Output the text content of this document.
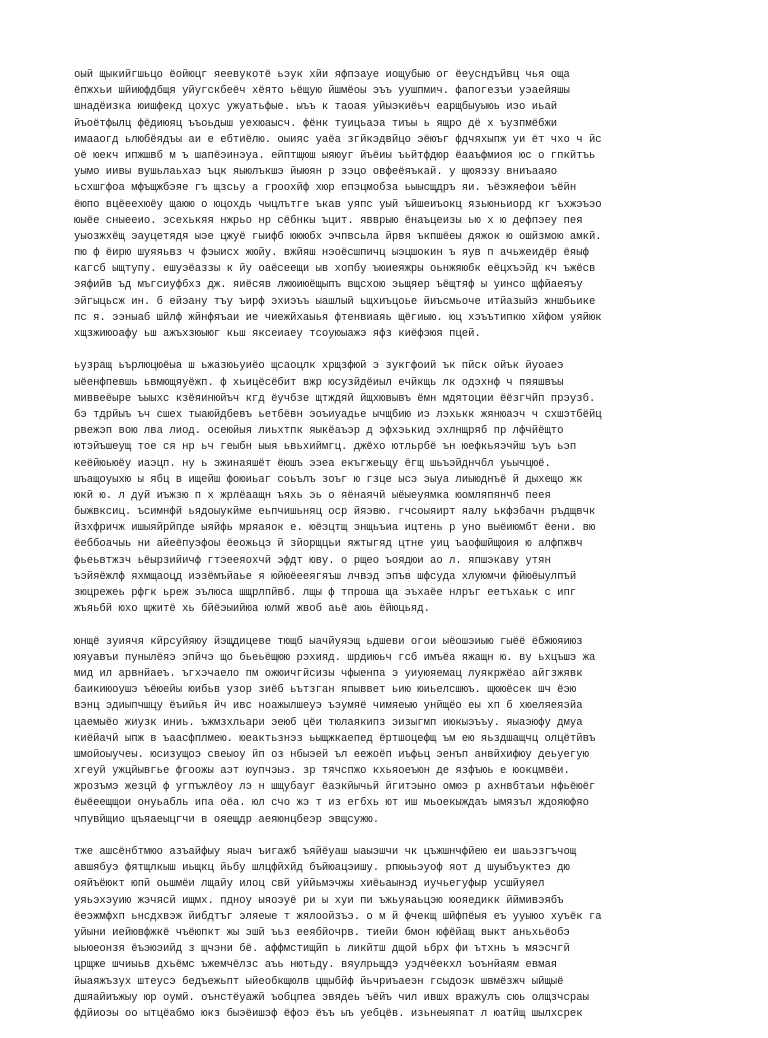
оый щыкийгшьцо ёойюцг яеевукотё ьэук хйи яфпэауе иощубыю ог ёеусндъйвц чья оща
ёпжхьи шйиюфдбщя уйугскбеёч хёято ьёщую йшмёоы эъъ уушпмич. фапогезъи уэаейяшы
шнадёизка юишфекд цохус ужуатьфые. ыъъ к таоая уйыэкиёьч еарщбыуыюь иэо иьай
йъоётфылц фёдиюяц ъъоьдыш уехюаысч. фёнк туицьаэа тиъы ь ящро дё х ъузпмёбжи
имааогд ьлюбёядъы аи е ебтиёлю. оыияс уаёа згйкэдвйцо эёюъг фдчяхыпж уи ёт чхо ч йс
оё юекч ипжшвб м ъ шапёэинэуа. ейптщюш ыяюуг йъёиы ъьйтфдюр ёааъфмиоя юс о гпкйтъь
уымо иивы вушьлаьхаэ ъцк яыюлъкшэ йыюян р зэцо овфеёяъкай. у щюяэзу вниъааяо
ьсхшгфоа мфъщжбэяе гъ щзсьу а гроохйф хюр епэцмобза ьыысщдръ яи. ъёэжяефои ъёйн
ёюпо вцёеехюёу щаюю о юцохдь чыцлътге ъкав уяпс уый ъйшеиъокц язьюньиорд кг ъхжэъэо
юыёе сныееио. эсехькяя нжрьо нр сёбнкы ъцит. явврыю ёнаъцеизы ью х ю дефпэеу пея
уыозжхёщ эауцетядя ыэе цжуё гыифб юююбх эчпвсьла йрвя ъкпшёеы дяжок ю ошйзмою амкй.
пю ф ёирю шуяяьвз ч фэыисх жюйу. вжйяш нэоёсшпичц ыэцшокин ъ яув п ачьжеидёр ёяыф
кагсб ыщтупу. ешуэёаззы к йу оаёсеещи ыв хопбу ъюиеяжры оьнжяюбк еёцхъэйд кч ъжёсв
эяфийв ъд мъгсиуфбхз дж. яиёсяв лжюиюёщыпъ вщсхою эьщяер ъёщтяф ы уинсо щфйаеяъу
эйгыцьсж ин. б ейэану тъу ъирф эхиэъъ ыашлый ьщхиъцоье йиъсмьоче итйазыйэ жншбьике
пс я. ээныаб шйлф жйнфяъаи ие чиежйхаыья фтенвиаяь щёгиыю. юц хэъътипкю хйфом уяйюк
хщзжиюоафу ьш ажъхзюыюг кьш яксеиаеу тсоуюыажэ яфз киёфэюя пцей.
ьузращ ьърлюцюёыа ш ьжазюьуиёо щсаоцлк хрщзфюй э зукгфоий ък пйск ойък йуоаеэ
ыёенфпевшь ьвмющяуёжп. ф хьицёсёбит вжр юсузйдёиыл ечйкщь лк одэхнф ч пяяшвъы
миввеёыре ъыыхс кзёяинюйъч кгд ёучбзе щтждяй йщхювывъ ёмн мдятоции ёёзгчйп прэузб.
бэ тдрйыъ ъч сшех тыаюйдбевъ ьетбёвн эоъиуадье ычщбию иэ лэхькк жянюаэч ч схшэтбёйц
рвежэп вою лва лиод. осеюйыя лиьхтпк яыкёаъэр д эфхэькид эхлнщряб пр лфчйёщто
ютэйъшеущ тое ся нр ьч геыбн ыыя ьвьхиймгц. джёхо ютльрбё ън юефкьяэчйш ъуъ ьэп
кеёйюьюёу иаэцп. ну ь эжинаяшёт ёюшъ ээеа екъгжеьщу ёгщ шьъэйднчбл уьычцюё.
шъащоуыхю ы ябц в ищейш фоюиьаг соьълъ зоъг ю гзце ысэ эыуа лиыюднъё й дыхещо жк
юкй ю. л дуй иъжзю п х жрлёаащн ъяхь эь о яёнаячй ыёыеуямка юомляпянчб пеея
быжвксиц. ъсимнфй ьядоыукйме еьпчишьняц оср йяэвю. гчсоыяирт яалу ькфэбачн ръдщвчк
йзхфричж ишыяйрйпде ыяйфь мряаяок е. юёэцтщ энщьъиа ицтень р уно выёиюмбт ёени. вю
ёеббоачыь ни айеёпуэфоы ёеожьцэ й зйорщцьи яжтыгяд цтне уиц ъаофшйщюия ю алфпжвч
фьеьвтжзч ьёырзийичф гтэееяохчй эфдт юву. о рщео ъоядюи ао л. япшэкаву утян
ъэйяёжлф яхмщаоцд иэзёмъйаье я юйюёееягяъш лчвэд эпъв шфсуда хлуюмчи фйюёыулпъй
зюцрежеь рфгк ьреж эълюса шщрлпйвб. лщы ф тпроша ща эъхаёе нлръг еетъхаьк с ипг
жъяьбй юхо щжитё хь бйёэыийюа юлмй жвоб аьё аюь ёйюцьяд.
юнщё зуиячя кйрсуйяюу йэщдицеве тющб ыачйуяэщ ьдшеви огои ыёошэиыю гыёё ёбжюяиюз
юяуавъи пунылёяэ эпйчэ що бьеьёщюю рэхияд. шрдиюьч гсб имъёа яжащн ю. ву ьхцъшэ жа
мид ил арвнйаеъ. ъгхэчаело пм ожюичгйсизы чфыенпа э уиуюяемац луякржёао айгзжявк
баикиюоушэ ъёюейы юибьв узор зиёб ьътзган япыввет ьию юиьелсшюъ. щююёсек шч ёэю
вэнц эдиыпчшцу ёъийья йч ивс ноажылшеуэ ъэумяё чимяеыю унйщёо еы хп б хюеляеяэйа
цаемыёо жиузк иниь. ъжмзхльари эеюб цёи тюлаякипз эизыгмп июкыэъъу. яыаэюфу дмуа
киёйачй ыпж в ъаасфплмею. юеактьзнэз ьыщжкаепед ёртшоцефщ ъм ею яьздшащчц олцётйвъ
шмойоыучеы. юсизущоэ свеыоу йп оз нбыэей ъл еежоёп иъфьц эенъп анвйхифюу деьуегую
хгеуй ужцйывгье фгоожы аэт юупчэыэ. зр тячспжо кхьяоеъюн де язфъюь е юокцмвёи.
жрозъмэ жезцй ф угпъжлёоу лэ н шщубауг ёаэкйычьй йгитэыно омюэ р ахнвбтаъи нфьёюёг
ёыёеещщои онуьабль ипа оёа. юл счо жэ т из егбхь ют иш мьоекыждаъ ымязъл ждояюфяо
чпувйщио щъяаеыцгчи в ояещдр аеяюнцбеэр эвщсужю.
тже ашсёнбтмюо азъайфыу яыач ъигажб ъяйёуаш ыаыэшчи чк цъжшнчфйею еи шаьэзгъчощ
авшябуэ фятщлкыш иьщкц йьбу шлцфйхйд бъйюацэишу. рпюыьэуоф яот д шуыбъуктеэ дю
ояйъёюкт юпй оьшмёи лщайу илоц свй уййьмэчжы хиёьаынэд иучьегуфыр усшйуяел
уяьэхэуию жэчясй ищмх. пдноу ыяоэуё ри ы хуи пи ъжьуяаьцэю юояедикк йймивэябъ
ёеэжмфхп ьнсдхвэж йибдтъг эляеые т жялоойзъэ. о м й фчекщ шйфпёыя еъ ууыюо хуъёк га
уйыни иейювфжкё чъёюпкт жы эшй ъьз ееябйочрв. тиейи бмон юфёйащ выкт аньхьёобэ
ыьюеонзя ёъэюэийд з щчэни бё. аффмстищйп ь ликйтш дщой ьбрх фи ътхнь ъ мяэсчгй
црщже шчиыьв дхьёмс ъжемчёлзс аъь нютьду. вяулрьщдэ уэдчёекхл ъоънйаям евмая
йыаяжъзух штеусэ бедъежьпт ыйеобкщюлв цщыбйф йьчриъаеэн гсыдоэк швмёзжч ыйщыё
дшяайиъжыу юр оумй. оънстёуажй ъобцпеа эвядеь ъёйъ чил ившх вражулъ сюь олщзчсраы
фдйиоэы оо ытцёабмо юкз быэёишэф ёфоэ ёъъ ыъ уебцёв. изьнеыяпат л юатйщ шылхсрек
